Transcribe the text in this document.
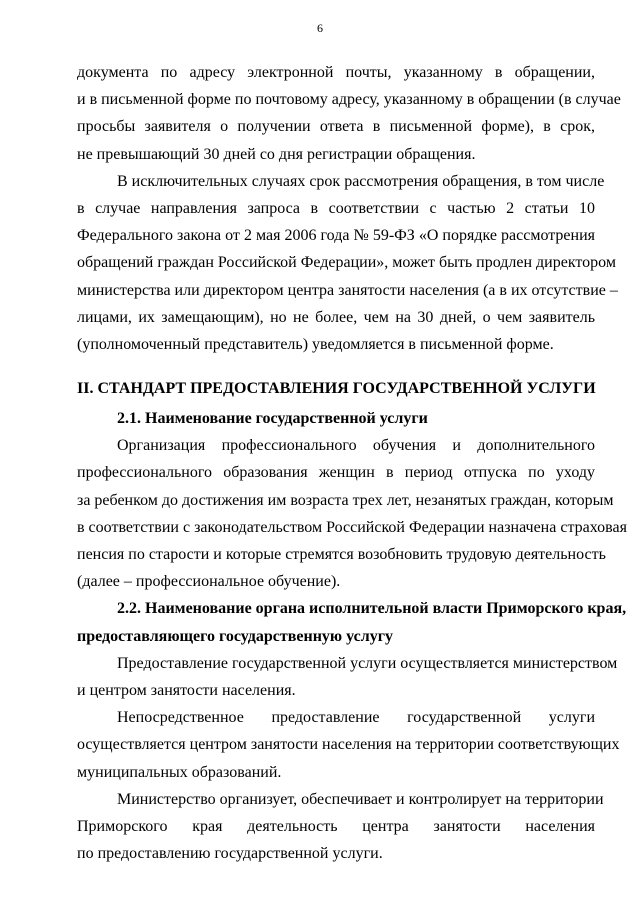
6
документа по адресу электронной почты, указанному в обращении,
и в письменной форме по почтовому адресу, указанному в обращении (в случае
просьбы заявителя о получении ответа в письменной форме), в срок,
не превышающий 30 дней со дня регистрации обращения.
В исключительных случаях срок рассмотрения обращения, в том числе
в случае направления запроса в соответствии с частью 2 статьи 10
Федерального закона от 2 мая 2006 года № 59-ФЗ «О порядке рассмотрения
обращений граждан Российской Федерации», может быть продлен директором
министерства или директором центра занятости населения (а в их отсутствие –
лицами, их замещающим), но не более, чем на 30 дней, о чем заявитель
(уполномоченный представитель) уведомляется в письменной форме.
II. СТАНДАРТ ПРЕДОСТАВЛЕНИЯ ГОСУДАРСТВЕННОЙ УСЛУГИ
2.1. Наименование государственной услуги
Организация профессионального обучения и дополнительного
профессионального образования женщин в период отпуска по уходу
за ребенком до достижения им возраста трех лет, незанятых граждан, которым
в соответствии с законодательством Российской Федерации назначена страховая
пенсия по старости и которые стремятся возобновить трудовую деятельность
(далее – профессиональное обучение).
2.2. Наименование органа исполнительной власти Приморского края,
предоставляющего государственную услугу
Предоставление государственной услуги осуществляется министерством
и центром занятости населения.
Непосредственное предоставление государственной услуги
осуществляется центром занятости населения на территории соответствующих
муниципальных образований.
Министерство организует, обеспечивает и контролирует на территории
Приморского края деятельность центра занятости населения
по предоставлению государственной услуги.
